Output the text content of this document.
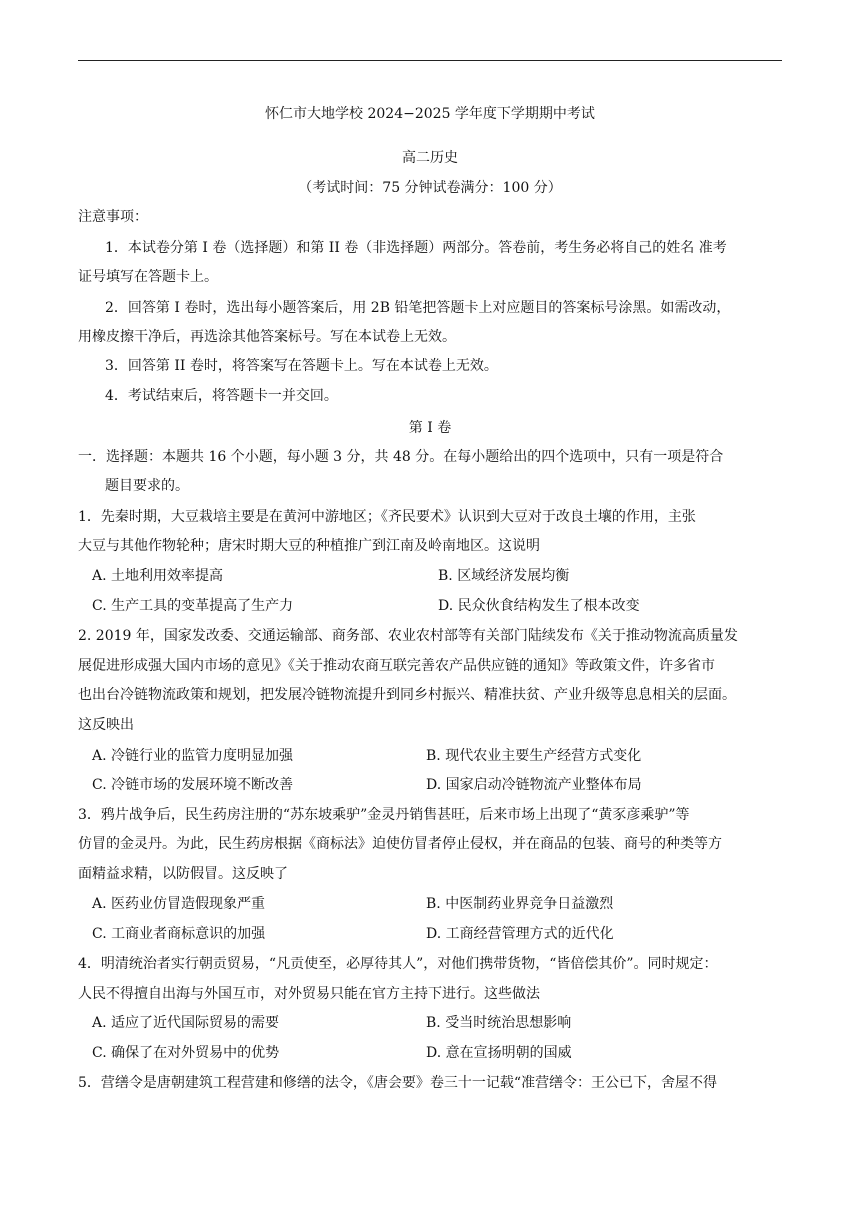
怀仁市大地学校 2024−2025 学年度下学期期中考试
高二历史
（考试时间：75 分钟试卷满分：100 分）
注意事项：
1．本试卷分第 I 卷（选择题）和第 II 卷（非选择题）两部分。答卷前，考生务必将自己的姓名 准考
证号填写在答题卡上。
2．回答第 I 卷时，选出每小题答案后，用 2B 铅笔把答题卡上对应题目的答案标号涂黑。如需改动，
用橡皮擦干净后，再选涂其他答案标号。写在本试卷上无效。
3．回答第 II 卷时，将答案写在答题卡上。写在本试卷上无效。
4．考试结束后，将答题卡一并交回。
第 I 卷
一．选择题：本题共 16 个小题，每小题 3 分，共 48 分。在每小题给出的四个选项中，只有一项是符合
题目要求的。
1．先秦时期，大豆栽培主要是在黄河中游地区；《齐民要术》认识到大豆对于改良土壤的作用，主张
大豆与其他作物轮种；唐宋时期大豆的种植推广到江南及岭南地区。这说明
A. 土地利用效率提高	B. 区域经济发展均衡
C. 生产工具的变革提高了生产力	D. 民众伙食结构发生了根本改变
2. 2019 年，国家发改委、交通运输部、商务部、农业农村部等有关部门陆续发布《关于推动物流高质量发
展促进形成强大国内市场的意见》《关于推动农商互联完善农产品供应链的通知》等政策文件，许多省市
也出台冷链物流政策和规划，把发展冷链物流提升到同乡村振兴、精准扶贫、产业升级等息息相关的层面。
这反映出
A. 冷链行业的监管力度明显加强	B. 现代农业主要生产经营方式变化
C. 冷链市场的发展环境不断改善	D. 国家启动冷链物流产业整体布局
3．鸦片战争后，民生药房注册的“苏东坡乘驴”金灵丹销售甚旺，后来市场上出现了“黄豕彦乘驴”等
仿冒的金灵丹。为此，民生药房根据《商标法》迫使仿冒者停止侵权，并在商品的包装、商号的种类等方
面精益求精，以防假冒。这反映了
A. 医药业仿冒造假现象严重	B. 中医制药业界竞争日益激烈
C. 工商业者商标意识的加强	D. 工商经营管理方式的近代化
4．明清统治者实行朝贡贸易，“凡贡使至，必厚待其人”，对他们携带货物，“皆倍偿其价”。同时规定：
人民不得擅自出海与外国互市，对外贸易只能在官方主持下进行。这些做法
A. 适应了近代国际贸易的需要	B. 受当时统治思想影响
C. 确保了在对外贸易中的优势	D. 意在宣扬明朝的国威
5．营缮令是唐朝建筑工程营建和修缮的法令，《唐会要》卷三十一记载“准营缮令：王公已下，舍屋不得
